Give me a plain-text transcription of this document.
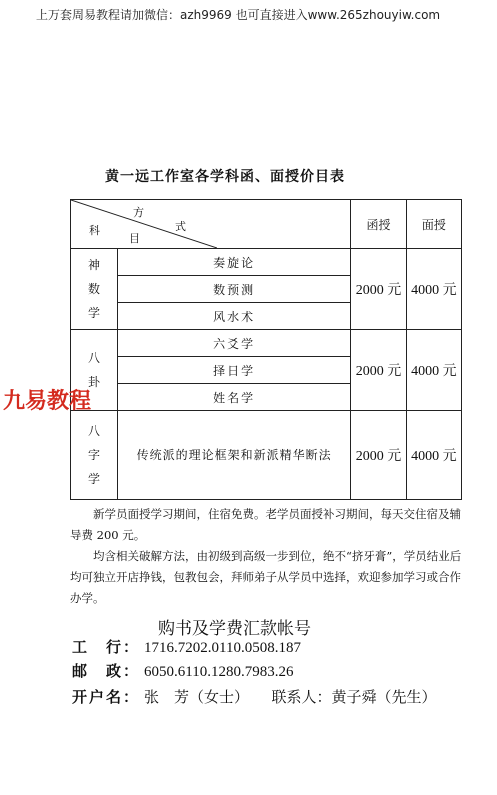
上万套周易教程请加微信：azh9969 也可直接进入www.265zhouyiw.com
黄一远工作室各学科函、面授价目表
方
式
科
目		函授	面授

神
数
学	奏旋论	2000 元	4000 元
	数预测		
	风水术		

八
卦	六爻学	2000 元	4000 元
	择日学		
	姓名学		

八
字
学	传统派的理论框架和新派精华断法	2000 元	4000 元
九易教程
新学员面授学习期间，住宿免费。老学员面授补习期间，每天交住宿及辅导费 200 元。
均含相关破解方法，由初级到高级一步到位，绝不“挤牙膏”，学员结业后均可独立开店挣钱，包教包会，拜师弟子从学员中选择，欢迎参加学习或合作办学。
购书及学费汇款帐号
工　行： 1716.7202.0110.0508.187
邮　政： 6050.6110.1280.7983.26
开户名： 张　芳（女士）　　联系人：黄子舜（先生）
